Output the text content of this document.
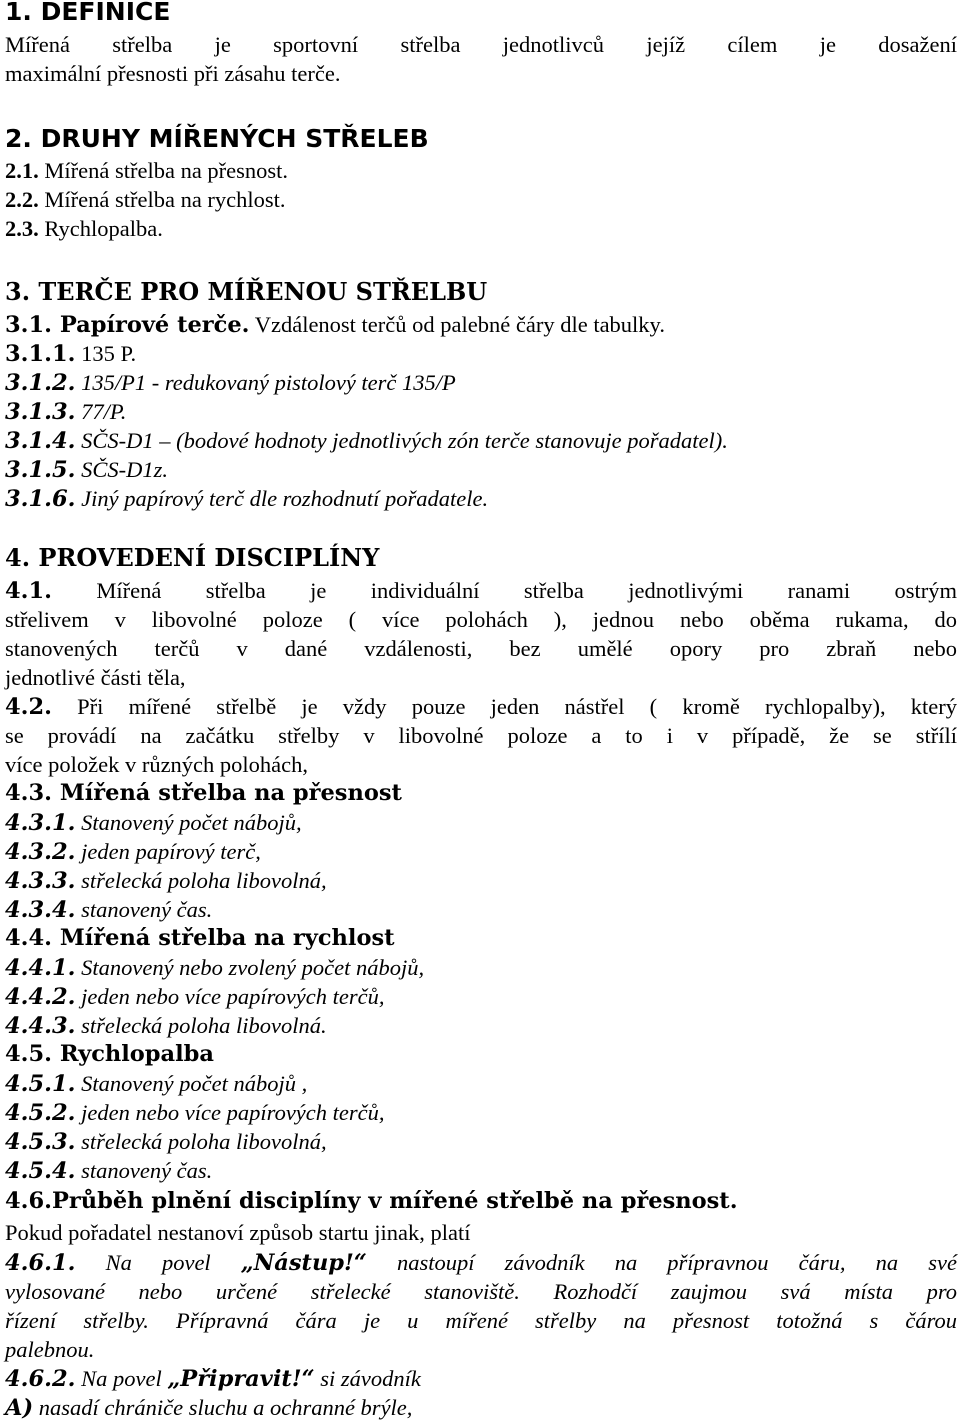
1. DEFINICE
Mířená střelba je sportovní střelba jednotlivců jejíž cílem je dosažení
maximální přesnosti při zásahu terče.
2. DRUHY MÍŘENÝCH STŘELEB
2.1. Mířená střelba na přesnost.
2.2. Mířená střelba na rychlost.
2.3. Rychlopalba.
3. TERČE PRO MÍŘENOU STŘELBU
3.1. Papírové terče. Vzdálenost terčů od palebné čáry dle tabulky.
3.1.1. 135 P.
3.1.2. 135/P1 - redukovaný pistolový terč 135/P
3.1.3. 77/P.
3.1.4. SČS-D1 – (bodové hodnoty jednotlivých zón terče stanovuje pořadatel).
3.1.5. SČS-D1z.
3.1.6. Jiný papírový terč dle rozhodnutí pořadatele.
4. PROVEDENÍ DISCIPLÍNY
4.1. Mířená střelba je individuální střelba jednotlivými ranami ostrým
střelivem v libovolné poloze ( více polohách ), jednou nebo oběma rukama, do
stanovených terčů v dané vzdálenosti, bez umělé opory pro zbraň nebo
jednotlivé části těla,
4.2. Při mířené střelbě je vždy pouze jeden nástřel ( kromě rychlopalby), který
se provádí na začátku střelby v libovolné poloze a to i v případě, že se střílí
více položek v různých polohách,
4.3. Mířená střelba na přesnost
4.3.1. Stanovený počet nábojů,
4.3.2. jeden papírový terč,
4.3.3. střelecká poloha libovolná,
4.3.4. stanovený čas.
4.4. Mířená střelba na rychlost
4.4.1. Stanovený nebo zvolený počet nábojů,
4.4.2. jeden nebo více papírových terčů,
4.4.3. střelecká poloha libovolná.
4.5. Rychlopalba
4.5.1. Stanovený počet nábojů ,
4.5.2. jeden nebo více papírových terčů,
4.5.3. střelecká poloha libovolná,
4.5.4. stanovený čas.
4.6.Průběh plnění disciplíny v mířené střelbě na přesnost.
Pokud pořadatel nestanoví způsob startu jinak, platí
4.6.1. Na povel „Nástup!“ nastoupí závodník na přípravnou čáru, na své
vylosované nebo určené střelecké stanoviště. Rozhodčí zaujmou svá místa pro
řízení střelby. Přípravná čára je u mířené střelby na přesnost totožná s čárou
palebnou.
4.6.2. Na povel „Připravit!“ si závodník
A) nasadí chrániče sluchu a ochranné brýle,
